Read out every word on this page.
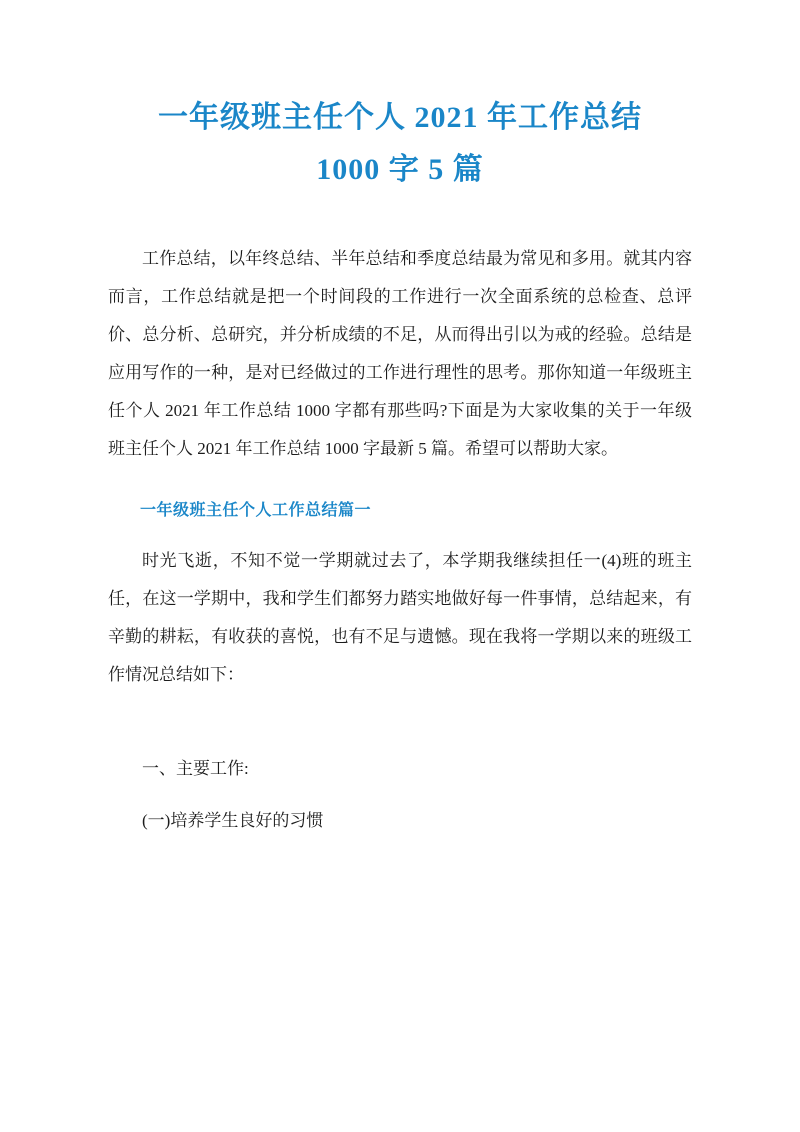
一年级班主任个人 2021 年工作总结
1000 字 5 篇

工作总结，以年终总结、半年总结和季度总结最为常见和多用。就其内容而言，工作总结就是把一个时间段的工作进行一次全面系统的总检查、总评价、总分析、总研究，并分析成绩的不足，从而得出引以为戒的经验。总结是应用写作的一种，是对已经做过的工作进行理性的思考。那你知道一年级班主任个人 2021 年工作总结 1000 字都有那些吗?下面是为大家收集的关于一年级班主任个人 2021 年工作总结 1000 字最新 5 篇。希望可以帮助大家。

一年级班主任个人工作总结篇一

时光飞逝，不知不觉一学期就过去了，本学期我继续担任一(4)班的班主任，在这一学期中，我和学生们都努力踏实地做好每一件事情，总结起来，有辛勤的耕耘，有收获的喜悦，也有不足与遗憾。现在我将一学期以来的班级工作情况总结如下：

一、主要工作:

(一)培养学生良好的习惯
